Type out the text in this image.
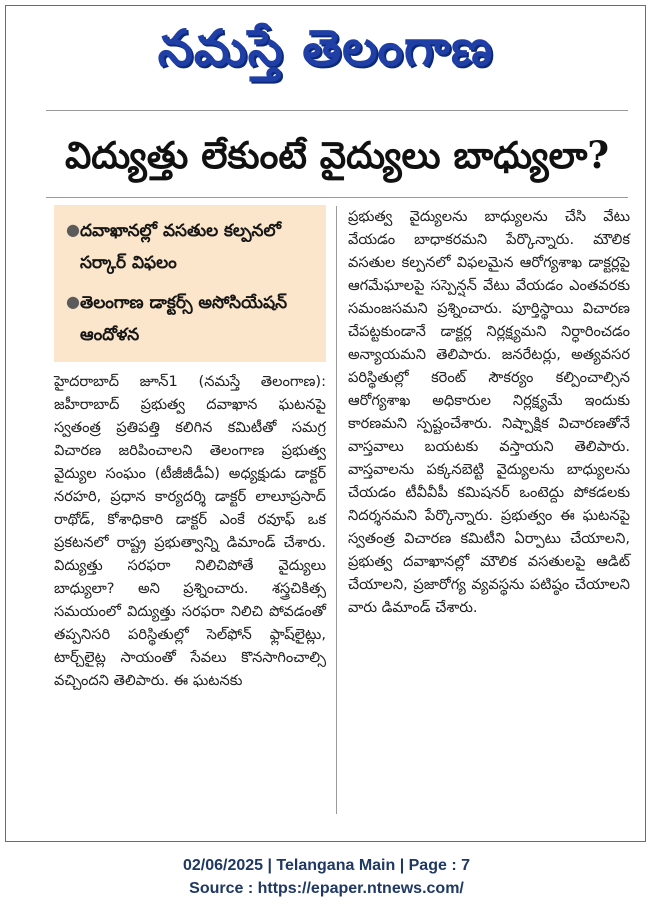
నమస్తే తెలంగాణ
విద్యుత్తు లేకుంటే వైద్యులు బాధ్యులా?
● దవాఖానల్లో వసతుల కల్పనలో సర్కార్ విఫలం
● తెలంగాణ డాక్టర్స్ అసోసియేషన్ ఆందోళన
హైదరాబాద్ జూన్1 (నమస్తే తెలంగాణ): జహీరాబాద్ ప్రభుత్వ దవాఖాన ఘటనపై స్వతంత్ర ప్రతిపత్తి కలిగిన కమిటీతో సమగ్ర విచారణ జరిపించాలని తెలంగాణ ప్రభుత్వ వైద్యుల సంఘం (టీజీజీడీఏ) అధ్యక్షుడు డాక్టర్ నరహరి, ప్రధాన కార్యదర్శి డాక్టర్ లాలూప్రసాద్ రాథోడ్, కోశాధికారి డాక్టర్ ఎంకే రవూఫ్ ఒక ప్రకటనలో రాష్ట్ర ప్రభుత్వాన్ని డిమాండ్ చేశారు. విద్యుత్తు సరఫరా నిలిచిపోతే వైద్యులు బాధ్యులా? అని ప్రశ్నించారు. శస్త్రచికిత్స సమయంలో విద్యుత్తు సరఫరా నిలిచి పోవడంతో తప్పనిసరి పరిస్థితుల్లో సెల్‌ఫోన్ ఫ్లాష్‌లైట్లు, టార్చ్‌లైట్ల సాయంతో సేవలు కొనసాగించాల్సి వచ్చిందని తెలిపారు. ఈ ఘటనకు
ప్రభుత్వ వైద్యులను బాధ్యులను చేసి వేటు వేయడం బాధాకరమని పేర్కొన్నారు. మౌలిక వసతుల కల్పనలో విఫలమైన ఆరోగ్యశాఖ డాక్టర్లపై ఆగమేఘాలపై సస్పెన్షన్ వేటు వేయడం ఎంతవరకు సమంజసమని ప్రశ్నించారు. పూర్తిస్థాయి విచారణ చేపట్టకుండానే డాక్టర్ల నిర్లక్ష్యమని నిర్ధారించడం అన్యాయమని తెలిపారు. జనరేటర్లు, అత్యవసర పరిస్థితుల్లో కరెంట్ సౌకర్యం కల్పించాల్సిన ఆరోగ్యశాఖ అధికారుల నిర్లక్ష్యమే ఇందుకు కారణమని స్పష్టంచేశారు. నిష్పాక్షిక విచారణతోనే వాస్తవాలు బయటకు వస్తాయని తెలిపారు. వాస్తవాలను పక్కనబెట్టి వైద్యులను బాధ్యులను చేయడం టీవీవీపీ కమిషనర్ ఒంటెద్దు పోకడలకు నిదర్శనమని పేర్కొన్నారు. ప్రభుత్వం ఈ ఘటనపై స్వతంత్ర విచారణ కమిటీని ఏర్పాటు చేయాలని, ప్రభుత్వ దవాఖానల్లో మౌలిక వసతులపై ఆడిట్ చేయాలని, ప్రజారోగ్య వ్యవస్థను పటిష్ఠం చేయాలని వారు డిమాండ్ చేశారు.
02/06/2025 | Telangana Main | Page : 7
Source : https://epaper.ntnews.com/
